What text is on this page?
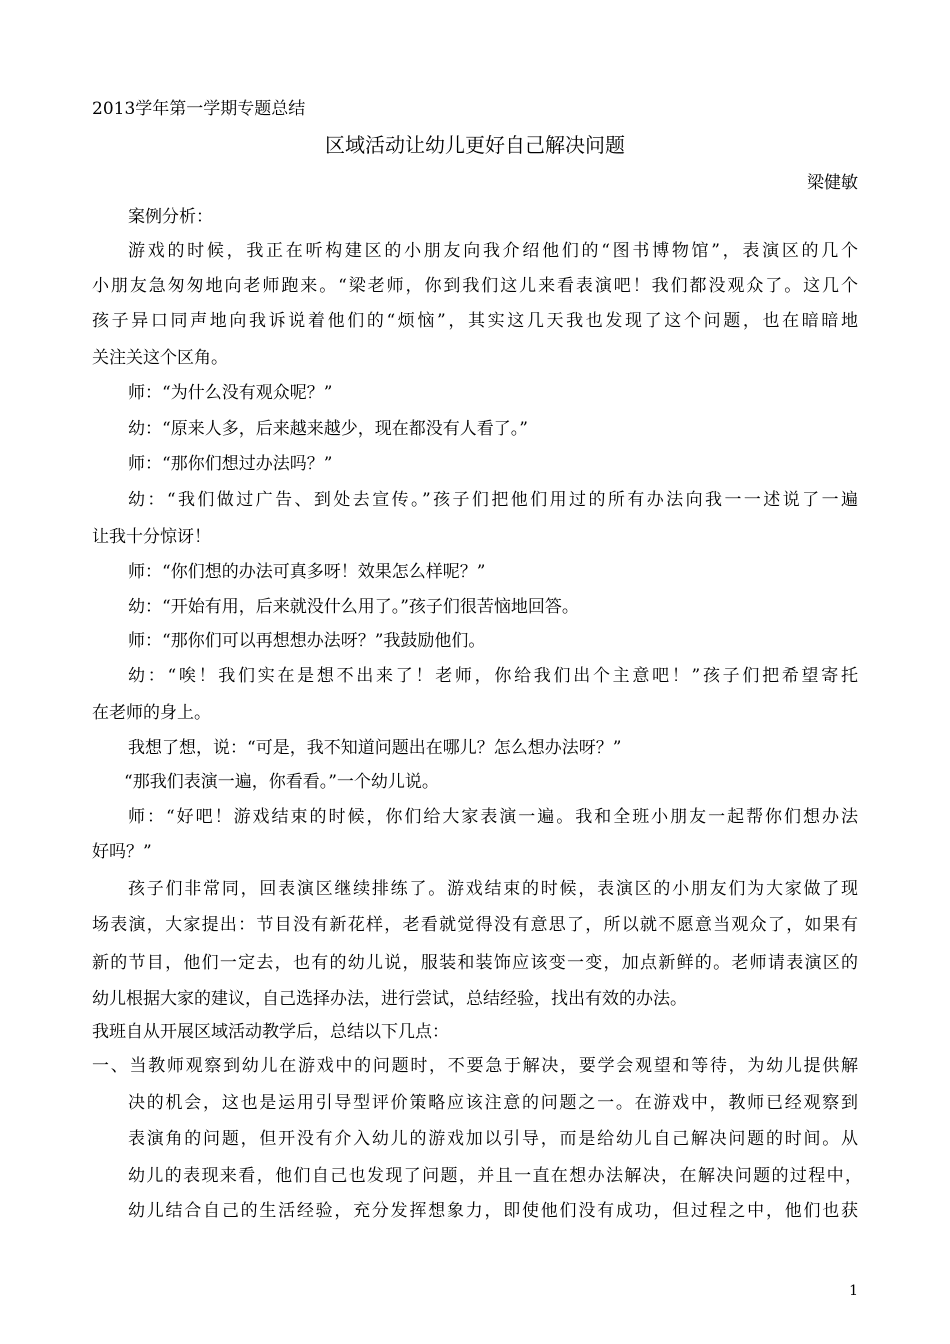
2013学年第一学期专题总结
区域活动让幼儿更好自己解决问题
梁健敏
案例分析：
游戏的时候，我正在听构建区的小朋友向我介绍他们的“图书博物馆”，表演区的几个
小朋友急匆匆地向老师跑来。“梁老师，你到我们这儿来看表演吧！我们都没观众了。这几个
孩子异口同声地向我诉说着他们的“烦恼”，其实这几天我也发现了这个问题，也在暗暗地
关注关这个区角。
师：“为什么没有观众呢？”
幼：“原来人多，后来越来越少，现在都没有人看了。”
师：“那你们想过办法吗？”
幼：“我们做过广告、到处去宣传。”孩子们把他们用过的所有办法向我一一述说了一遍
让我十分惊讶！
师：“你们想的办法可真多呀！效果怎么样呢？”
幼：“开始有用，后来就没什么用了。”孩子们很苦恼地回答。
师：“那你们可以再想想办法呀？”我鼓励他们。
幼：“唉！我们实在是想不出来了！老师，你给我们出个主意吧！”孩子们把希望寄托
在老师的身上。
我想了想，说：“可是，我不知道问题出在哪儿？怎么想办法呀？”
“那我们表演一遍，你看看。”一个幼儿说。
师：“好吧！游戏结束的时候，你们给大家表演一遍。我和全班小朋友一起帮你们想办法
好吗？”
孩子们非常同，回表演区继续排练了。游戏结束的时候，表演区的小朋友们为大家做了现
场表演，大家提出：节目没有新花样，老看就觉得没有意思了，所以就不愿意当观众了，如果有
新的节目，他们一定去，也有的幼儿说，服装和装饰应该变一变，加点新鲜的。老师请表演区的
幼儿根据大家的建议，自己选择办法，进行尝试，总结经验，找出有效的办法。
我班自从开展区域活动教学后，总结以下几点：
一、当教师观察到幼儿在游戏中的问题时，不要急于解决，要学会观望和等待，为幼儿提供解
决的机会，这也是运用引导型评价策略应该注意的问题之一。在游戏中，教师已经观察到
表演角的问题，但开没有介入幼儿的游戏加以引导，而是给幼儿自己解决问题的时间。从
幼儿的表现来看，他们自己也发现了问题，并且一直在想办法解决，在解决问题的过程中，
幼儿结合自己的生活经验，充分发挥想象力，即使他们没有成功，但过程之中，他们也获
1
